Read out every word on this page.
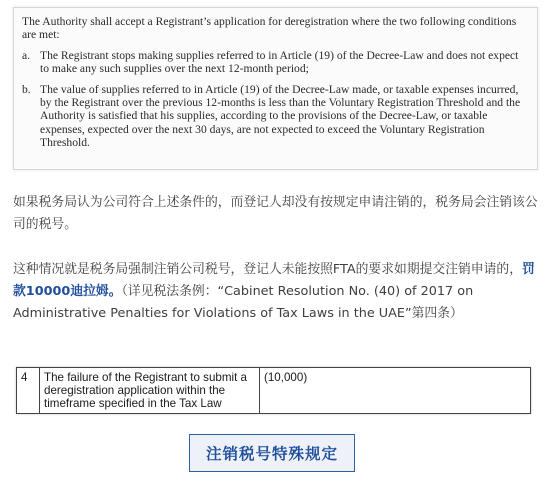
The Authority shall accept a Registrant’s application for deregistration where the two following conditions are met:

a. The Registrant stops making supplies referred to in Article (19) of the Decree-Law and does not expect to make any such supplies over the next 12-month period;
b. The value of supplies referred to in Article (19) of the Decree-Law made, or taxable expenses incurred, by the Registrant over the previous 12-months is less than the Voluntary Registration Threshold and the Authority is satisfied that his supplies, according to the provisions of the Decree-Law, or taxable expenses, expected over the next 30 days, are not expected to exceed the Voluntary Registration Threshold.

如果税务局认为公司符合上述条件的，而登记人却没有按规定申请注销的，税务局会注销该公司的税号。

这种情况就是税务局强制注销公司税号，登记人未能按照FTA的要求如期提交注销申请的，罚款10000迪拉姆。（详见税法条例：“Cabinet Resolution No. (40) of 2017 on Administrative Penalties for Violations of Tax Laws in the UAE”第四条）

4	The failure of the Registrant to submit a deregistration application within the timeframe specified in the Tax Law	(10,000)
注销税号特殊规定
